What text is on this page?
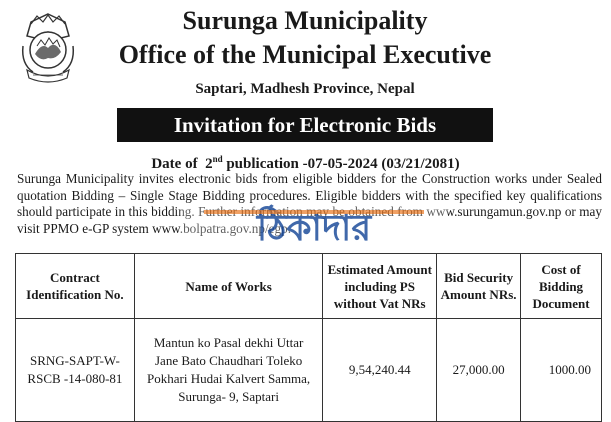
Surunga Municipality
Office of the Municipal Executive
Saptari, Madhesh Province, Nepal
Invitation for Electronic Bids
Date of 2nd publication -07-05-2024 (03/21/2081)
Surunga Municipality invites electronic bids from eligible bidders for the Construction works under Sealed quotation Bidding – Single Stage Bidding procedures. Eligible bidders with the specified key qualifications should participate in this bidding. Further information may be obtained from www.surungamun.gov.np or may visit PPMO e-GP system www.bolpatra.gov.np/egp.
ঠিকাদার
Contract Identification No.	Name of Works	Estimated Amount including PS without Vat NRs	Bid Security Amount NRs.	Cost of Bidding Document
SRNG-SAPT-W-RSCB -14-080-81	Mantun ko Pasal dekhi Uttar Jane Bato Chaudhari Toleko Pokhari Hudai Kalvert Samma, Surunga- 9, Saptari	9,54,240.44	27,000.00	1000.00
